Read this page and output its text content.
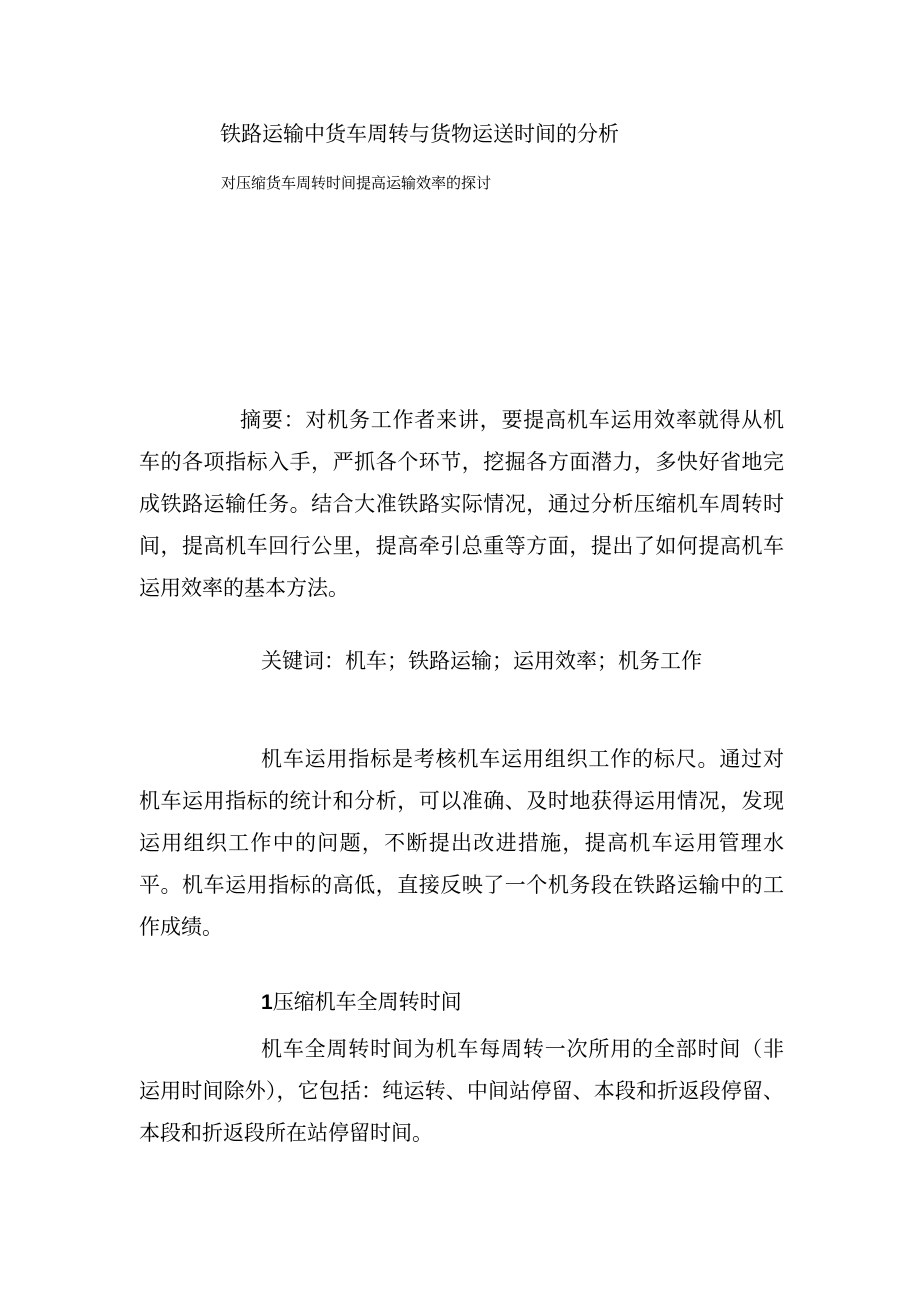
铁路运输中货车周转与货物运送时间的分析
对压缩货车周转时间提高运输效率的探讨

摘要：对机务工作者来讲，要提高机车运用效率就得从机车的各项指标入手，严抓各个环节，挖掘各方面潜力，多快好省地完成铁路运输任务。结合大准铁路实际情况，通过分析压缩机车周转时间，提高机车回行公里，提高牵引总重等方面，提出了如何提高机车运用效率的基本方法。

关键词：机车；铁路运输；运用效率；机务工作

机车运用指标是考核机车运用组织工作的标尺。通过对机车运用指标的统计和分析，可以准确、及时地获得运用情况，发现运用组织工作中的问题，不断提出改进措施，提高机车运用管理水平。机车运用指标的高低，直接反映了一个机务段在铁路运输中的工作成绩。

1压缩机车全周转时间

机车全周转时间为机车每周转一次所用的全部时间（非运用时间除外），它包括：纯运转、中间站停留、本段和折返段停留、本段和折返段所在站停留时间。
